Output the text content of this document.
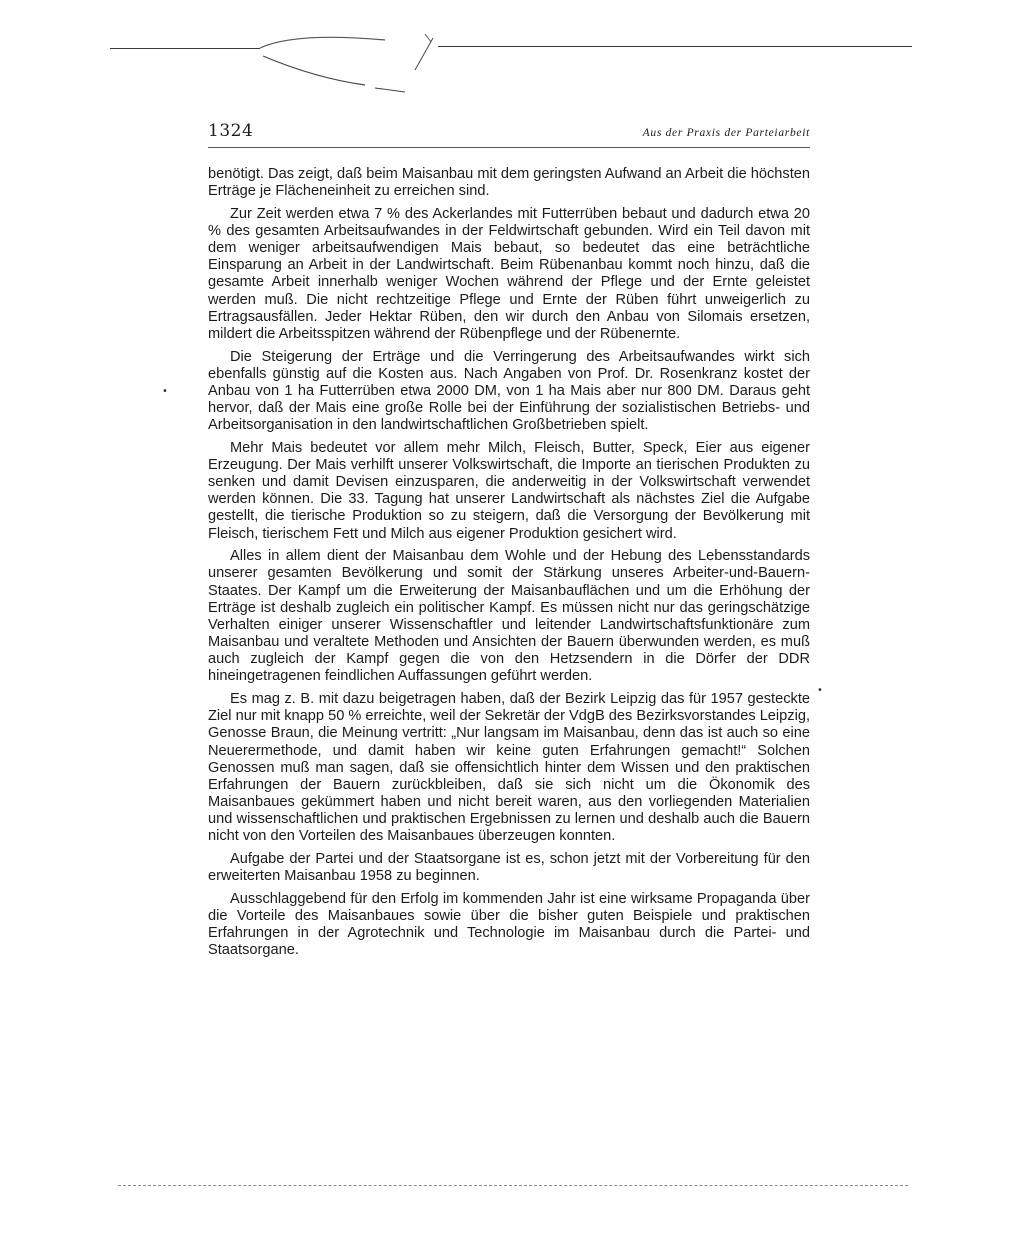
1324	Aus der Praxis der Parteiarbeit
•
•

benötigt. Das zeigt, daß beim Maisanbau mit dem geringsten Aufwand an Arbeit die höchsten Erträge je Flächeneinheit zu erreichen sind.

Zur Zeit werden etwa 7 % des Ackerlandes mit Futterrüben bebaut und dadurch etwa 20 % des gesamten Arbeitsaufwandes in der Feldwirtschaft gebunden. Wird ein Teil davon mit dem weniger arbeitsaufwendigen Mais bebaut, so bedeutet das eine beträchtliche Einsparung an Arbeit in der Landwirtschaft. Beim Rübenanbau kommt noch hinzu, daß die gesamte Arbeit innerhalb weniger Wochen während der Pflege und der Ernte geleistet werden muß. Die nicht rechtzeitige Pflege und Ernte der Rüben führt unweigerlich zu Ertragsausfällen. Jeder Hektar Rüben, den wir durch den Anbau von Silomais ersetzen, mildert die Arbeitsspitzen während der Rübenpflege und der Rübenernte.

Die Steigerung der Erträge und die Verringerung des Arbeitsaufwandes wirkt sich ebenfalls günstig auf die Kosten aus. Nach Angaben von Prof. Dr. Rosenkranz kostet der Anbau von 1 ha Futterrüben etwa 2000 DM, von 1 ha Mais aber nur 800 DM. Daraus geht hervor, daß der Mais eine große Rolle bei der Einführung der sozialistischen Betriebs- und Arbeitsorganisation in den landwirtschaftlichen Großbetrieben spielt.

Mehr Mais bedeutet vor allem mehr Milch, Fleisch, Butter, Speck, Eier aus eigener Erzeugung. Der Mais verhilft unserer Volkswirtschaft, die Importe an tierischen Produkten zu senken und damit Devisen einzusparen, die anderweitig in der Volkswirtschaft verwendet werden können. Die 33. Tagung hat unserer Landwirtschaft als nächstes Ziel die Aufgabe gestellt, die tierische Produktion so zu steigern, daß die Versorgung der Bevölkerung mit Fleisch, tierischem Fett und Milch aus eigener Produktion gesichert wird.

Alles in allem dient der Maisanbau dem Wohle und der Hebung des Lebensstandards unserer gesamten Bevölkerung und somit der Stärkung unseres Arbeiter-und-Bauern-Staates. Der Kampf um die Erweiterung der Maisanbauflächen und um die Erhöhung der Erträge ist deshalb zugleich ein politischer Kampf. Es müssen nicht nur das geringschätzige Verhalten einiger unserer Wissenschaftler und leitender Landwirtschaftsfunktionäre zum Maisanbau und veraltete Methoden und Ansichten der Bauern überwunden werden, es muß auch zugleich der Kampf gegen die von den Hetzsendern in die Dörfer der DDR hineingetragenen feindlichen Auffassungen geführt werden.

Es mag z. B. mit dazu beigetragen haben, daß der Bezirk Leipzig das für 1957 gesteckte Ziel nur mit knapp 50 % erreichte, weil der Sekretär der VdgB des Bezirksvorstandes Leipzig, Genosse Braun, die Meinung vertritt: „Nur langsam im Maisanbau, denn das ist auch so eine Neuerermethode, und damit haben wir keine guten Erfahrungen gemacht!“ Solchen Genossen muß man sagen, daß sie offensichtlich hinter dem Wissen und den praktischen Erfahrungen der Bauern zurückbleiben, daß sie sich nicht um die Ökonomik des Maisanbaues gekümmert haben und nicht bereit waren, aus den vorliegenden Materialien und wissenschaftlichen und praktischen Ergebnissen zu lernen und deshalb auch die Bauern nicht von den Vorteilen des Maisanbaues überzeugen konnten.

Aufgabe der Partei und der Staatsorgane ist es, schon jetzt mit der Vorbereitung für den erweiterten Maisanbau 1958 zu beginnen.

Ausschlaggebend für den Erfolg im kommenden Jahr ist eine wirksame Propaganda über die Vorteile des Maisanbaues sowie über die bisher guten Beispiele und praktischen Erfahrungen in der Agrotechnik und Technologie im Maisanbau durch die Partei- und Staatsorgane.
